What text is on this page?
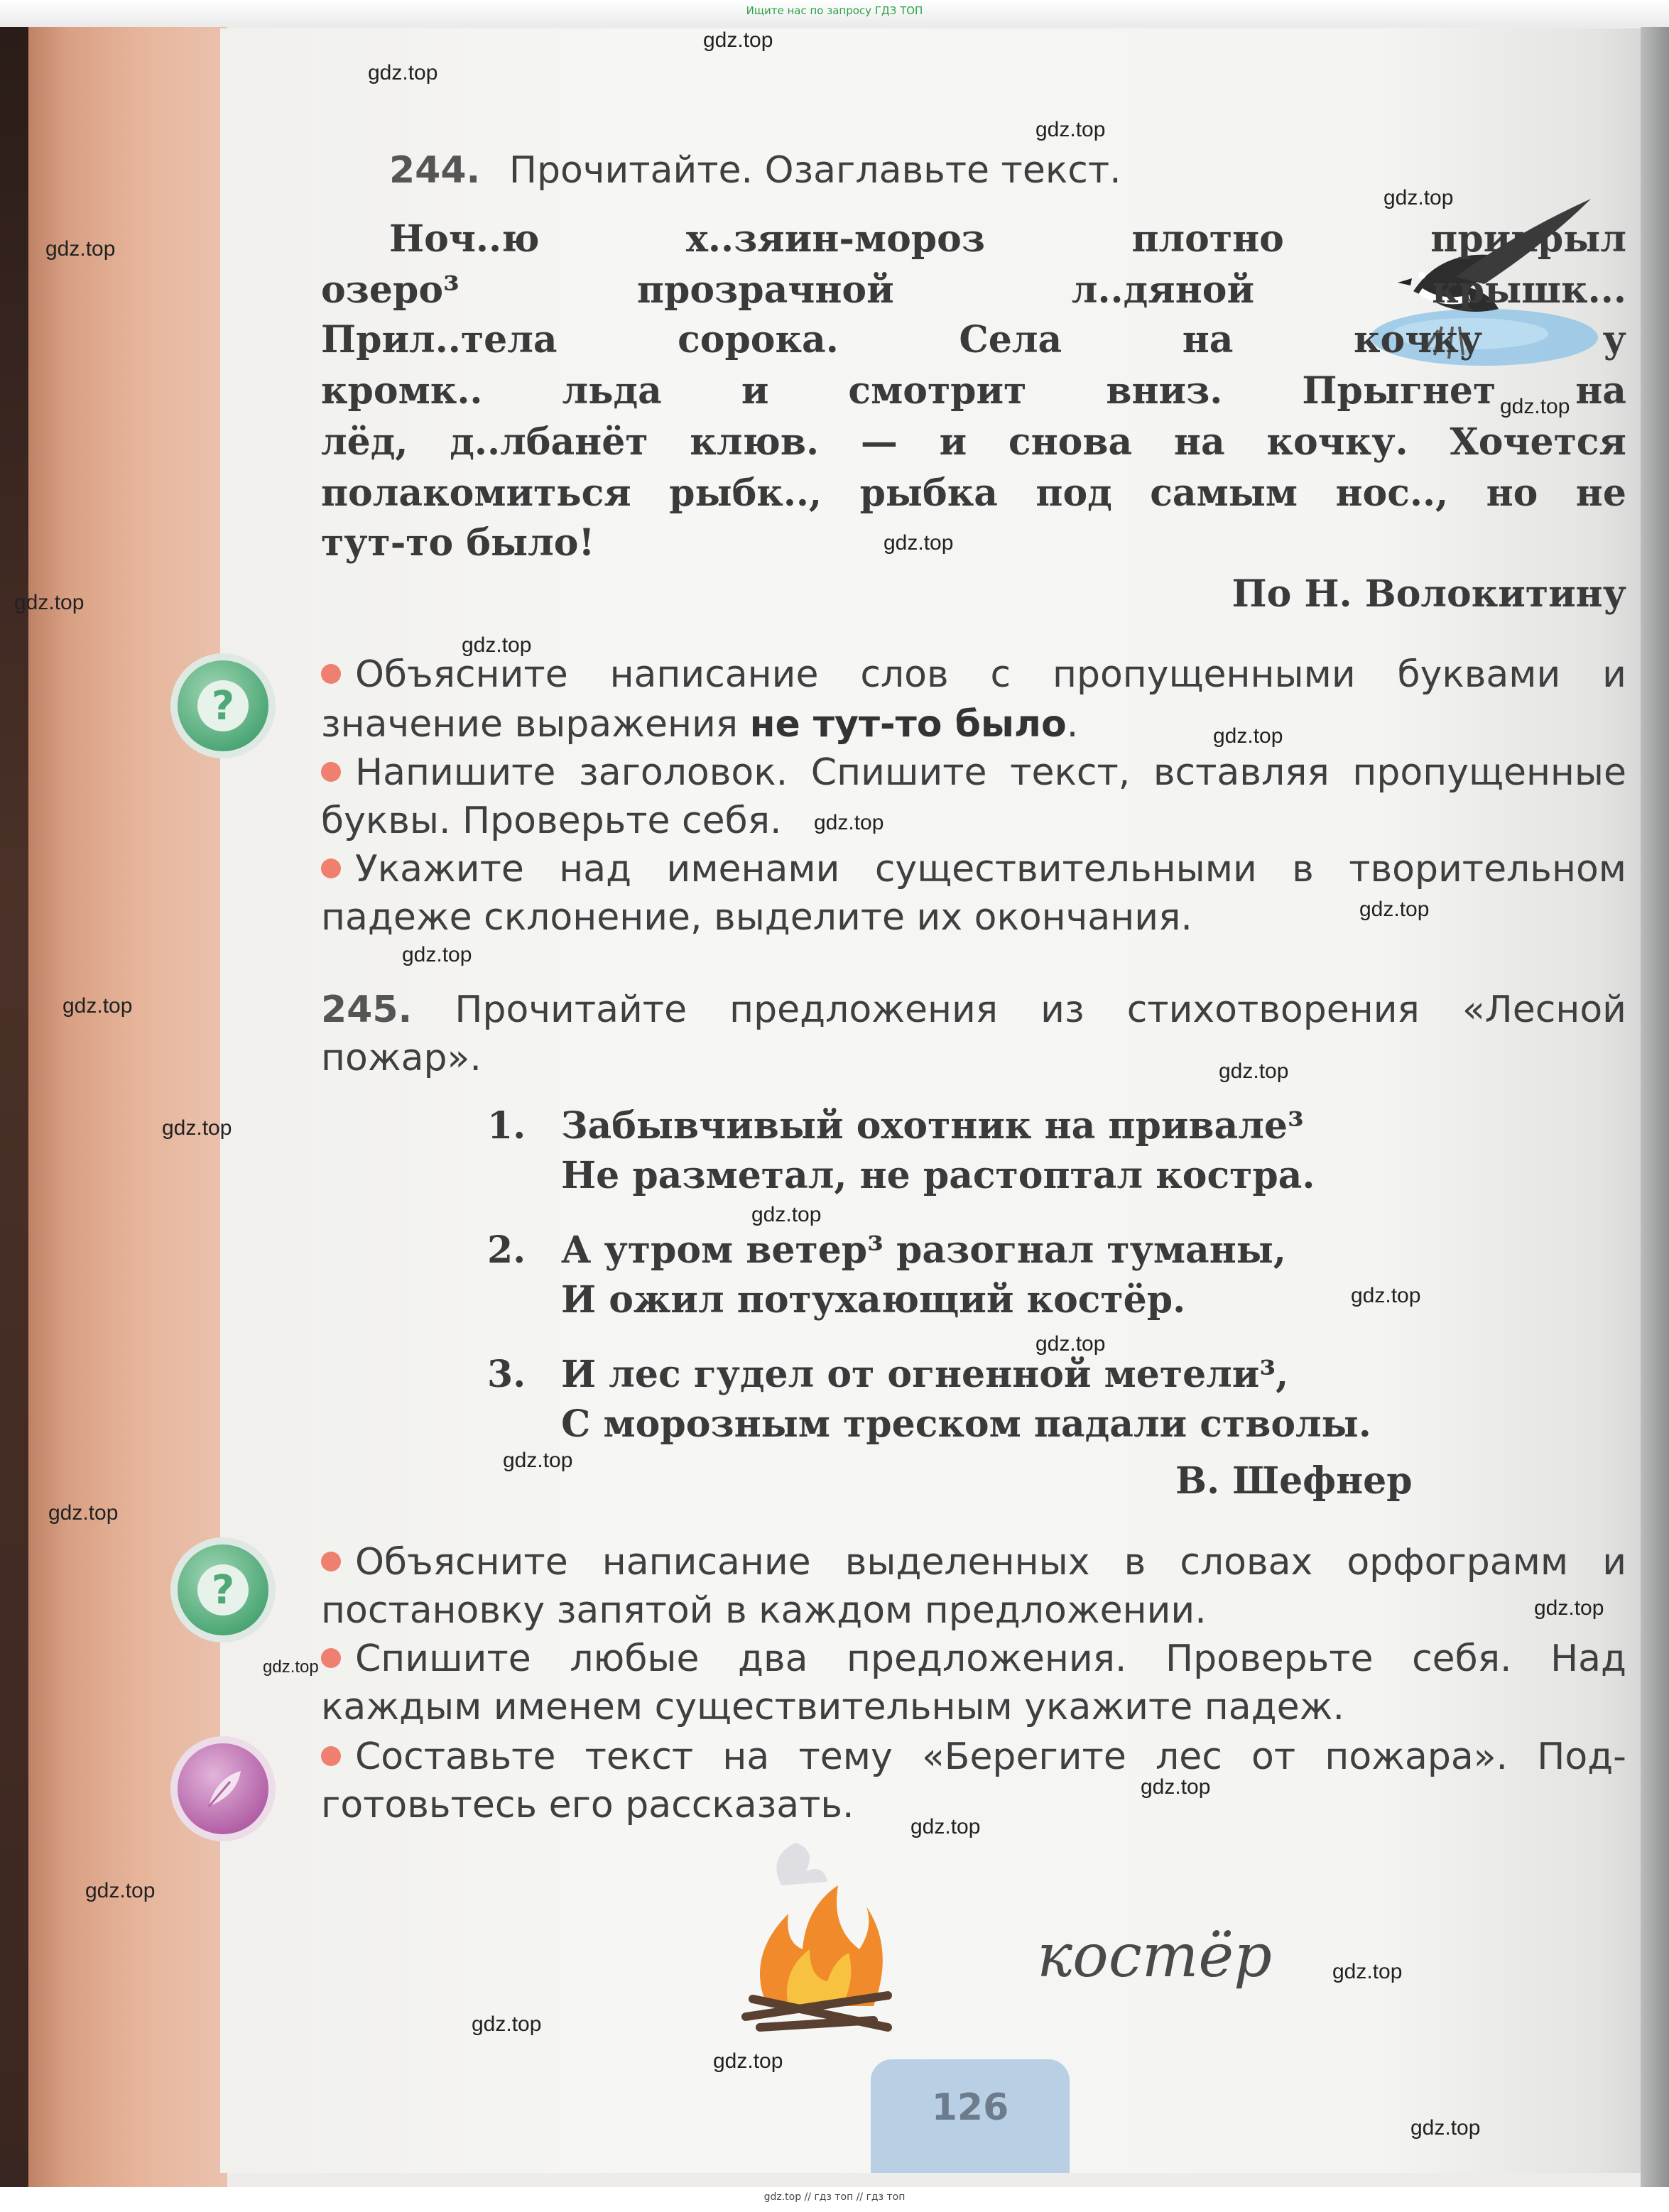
Ищите нас по запросу ГДЗ ТОП
gdz.top // гдз топ // гдз топ
244. Прочитайте. Озаглавьте текст.
Ноч..ю	х..зяин-мороз	плотно	прикрыл
озеро³	прозрачной	л..дяной	крышк...
Прил..тела	сорока.	Села	на	кочку	у
кромк.. льда и смотрит вниз. Прыгнет на
лёд, д..лбанёт клюв. — и снова на кочку. Хочется
полакомиться рыбк.., рыбка под самым нос.., но не
тут-то было!
По Н. Волокитину
?
Объясните написание слов с пропущенными буквами и
значение выражения не тут-то было.
Напишите заголовок. Спишите текст, вставляя пропущенные
буквы. Проверьте себя.
Укажите над именами существительными в творительном
падеже склонение, выделите их окончания.
245. Прочитайте предложения из стихотворения «Лесной
пожар».
1. Забывчивый охотник на привале³
Не разметал, не растоптал костра.
2. А утром ветер³ разогнал туманы,
И ожил потухающий костёр.
3. И лес гудел от огненной метели³,
С морозным треском падали стволы.
В. Шефнер
?
Объясните написание выделенных в словах орфограмм и
постановку запятой в каждом предложении.
Спишите любые два предложения. Проверьте себя. Над
каждым именем существительным укажите падеж.
Составьте текст на тему «Берегите лес от пожара». Под-
готовьтесь его рассказать.
костёр
126
gdz.top
gdz.top
gdz.top
gdz.top
gdz.top
gdz.top
gdz.top
gdz.top
gdz.top
gdz.top
gdz.top
gdz.top
gdz.top
gdz.top
gdz.top
gdz.top
gdz.top
gdz.top
gdz.top
gdz.top
gdz.top
gdz.top
gdz.top
gdz.top
gdz.top
gdz.top
gdz.top
gdz.top
gdz.top
gdz.top
